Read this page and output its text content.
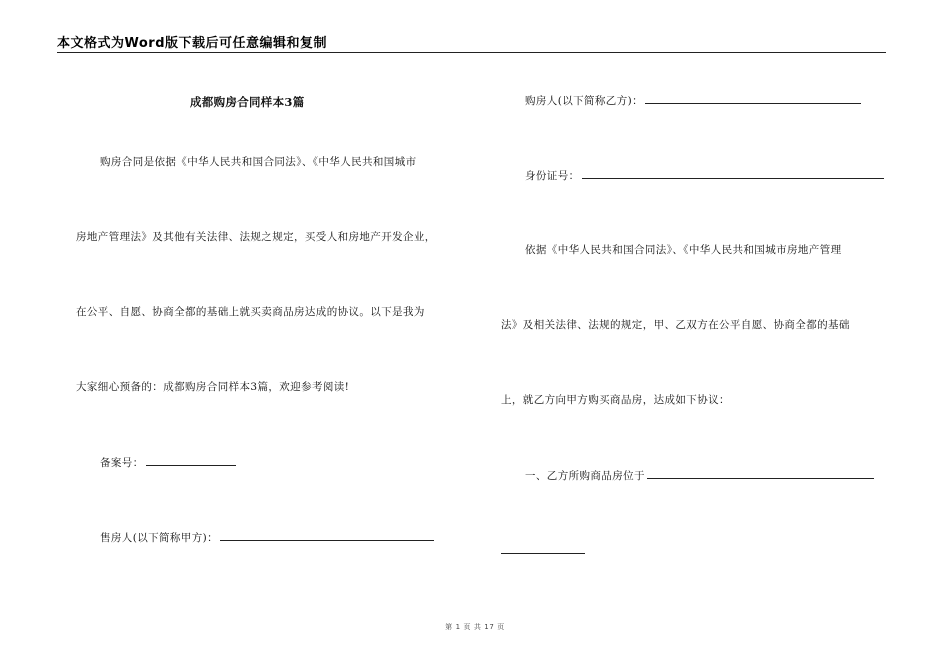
本文格式为Word版下载后可任意编辑和复制
成都购房合同样本3篇
购房合同是依据《中华人民共和国合同法》、《中华人民共和国城市
房地产管理法》及其他有关法律、法规之规定，买受人和房地产开发企业，
在公平、自愿、协商全都的基础上就买卖商品房达成的协议。以下是我为
大家细心预备的：成都购房合同样本3篇，欢迎参考阅读!
备案号：
售房人(以下简称甲方)：
购房人(以下简称乙方)：
身份证号：
依据《中华人民共和国合同法》、《中华人民共和国城市房地产管理
法》及相关法律、法规的规定，甲、乙双方在公平自愿、协商全都的基础
上，就乙方向甲方购买商品房，达成如下协议：
一、乙方所购商品房位于
第 1 页 共 17 页
